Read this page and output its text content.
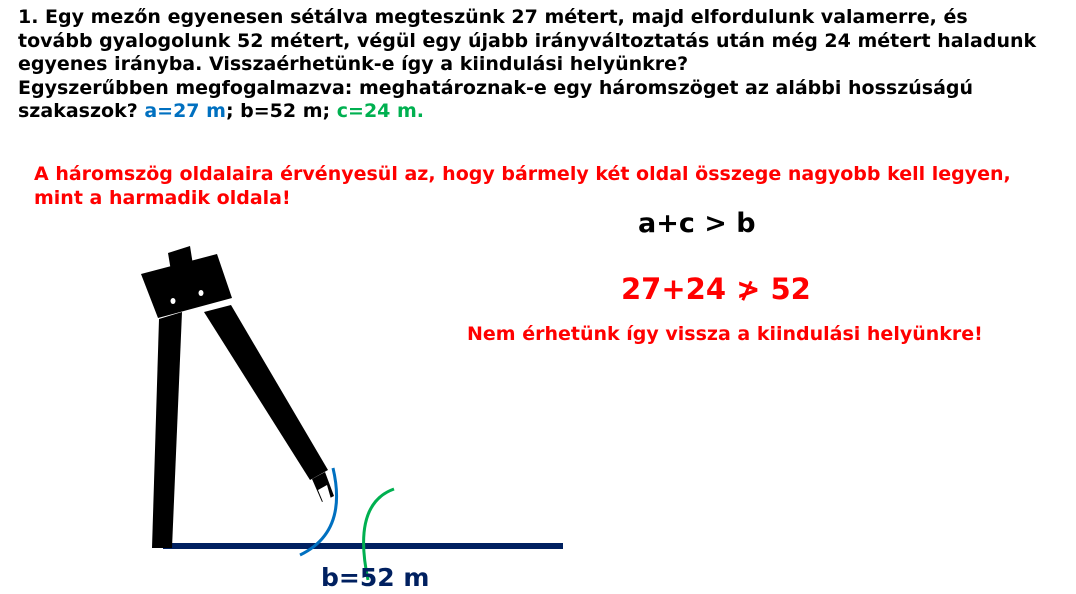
1. Egy mezőn egyenesen sétálva megteszünk 27 métert, majd elfordulunk valamerre, és

tovább gyalogolunk 52 métert, végül egy újabb irányváltoztatás után még 24 métert haladunk

egyenes irányba. Visszaérhetünk-e így a kiindulási helyünkre?

Egyszerűbben megfogalmazva: meghatároznak-e egy háromszöget az alábbi hosszúságú

szakaszok? a=27 m; b=52 m; c=24 m.

A háromszög oldalaira érvényesül az, hogy bármely két oldal összege nagyobb kell legyen,
mint a harmadik oldala!
a+c > b
27+24 ≯ 52
Nem érhetünk így vissza a kiindulási helyünkre!
b=52 m
